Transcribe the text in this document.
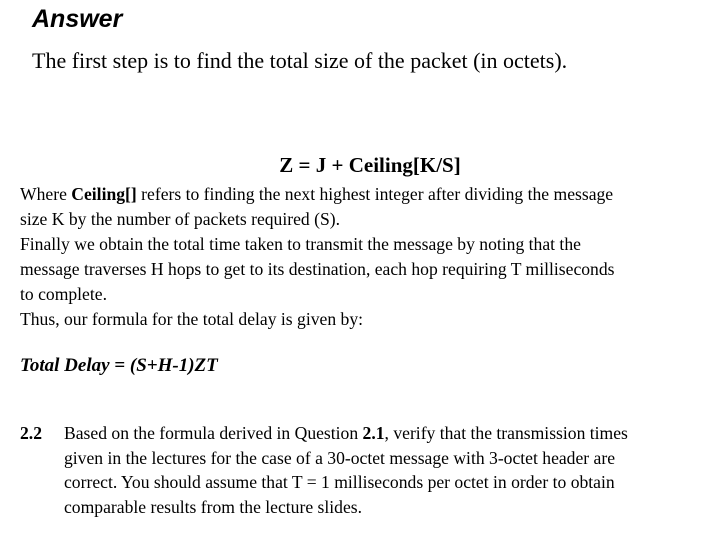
Answer

The first step is to find the total size of the packet (in octets).

Z = J + Ceiling[K/S]

Where Ceiling[] refers to finding the next highest integer after dividing the message
size K by the number of packets required (S).
Finally we obtain the total time taken to transmit the message by noting that the
message traverses H hops to get to its destination, each hop requiring T milliseconds
to complete.
Thus, our formula for the total delay is given by:

Total Delay = (S+H-1)ZT

2.2 Based on the formula derived in Question 2.1, verify that the transmission times
given in the lectures for the case of a 30-octet message with 3-octet header are
correct. You should assume that T = 1 milliseconds per octet in order to obtain
comparable results from the lecture slides.
